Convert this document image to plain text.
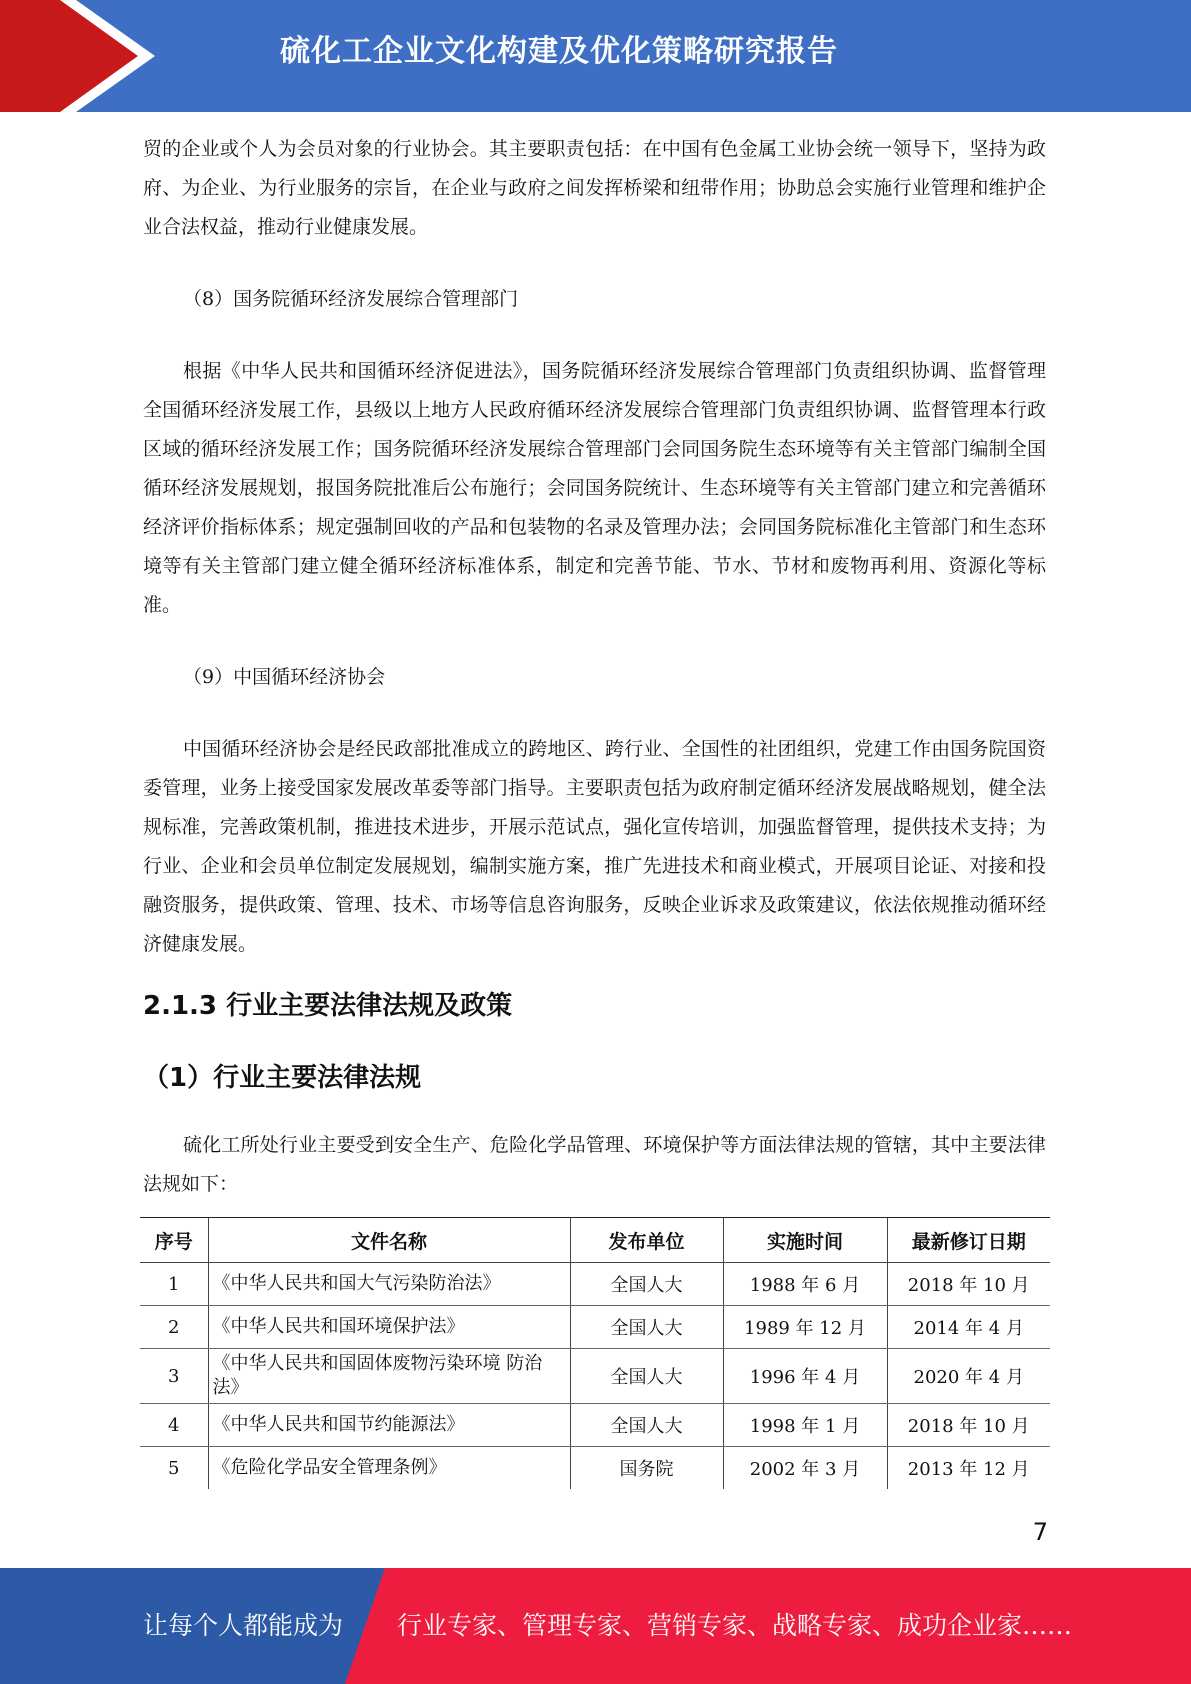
硫化工企业文化构建及优化策略研究报告

贸的企业或个人为会员对象的行业协会。其主要职责包括：在中国有色金属工业协会统一领导下，坚持为政府、为企业、为行业服务的宗旨，在企业与政府之间发挥桥梁和纽带作用；协助总会实施行业管理和维护企业合法权益，推动行业健康发展。

（8）国务院循环经济发展综合管理部门

根据《中华人民共和国循环经济促进法》，国务院循环经济发展综合管理部门负责组织协调、监督管理全国循环经济发展工作，县级以上地方人民政府循环经济发展综合管理部门负责组织协调、监督管理本行政区域的循环经济发展工作；国务院循环经济发展综合管理部门会同国务院生态环境等有关主管部门编制全国循环经济发展规划，报国务院批准后公布施行；会同国务院统计、生态环境等有关主管部门建立和完善循环经济评价指标体系；规定强制回收的产品和包装物的名录及管理办法；会同国务院标准化主管部门和生态环境等有关主管部门建立健全循环经济标准体系，制定和完善节能、节水、节材和废物再利用、资源化等标准。

（9）中国循环经济协会

中国循环经济协会是经民政部批准成立的跨地区、跨行业、全国性的社团组织，党建工作由国务院国资委管理，业务上接受国家发展改革委等部门指导。主要职责包括为政府制定循环经济发展战略规划，健全法规标准，完善政策机制，推进技术进步，开展示范试点，强化宣传培训，加强监督管理，提供技术支持；为行业、企业和会员单位制定发展规划，编制实施方案，推广先进技术和商业模式，开展项目论证、对接和投融资服务，提供政策、管理、技术、市场等信息咨询服务，反映企业诉求及政策建议，依法依规推动循环经济健康发展。

2.1.3 行业主要法律法规及政策
（1）行业主要法律法规

硫化工所处行业主要受到安全生产、危险化学品管理、环境保护等方面法律法规的管辖，其中主要法律法规如下：

序号	文件名称	发布单位	实施时间	最新修订日期
1	《中华人民共和国大气污染防治法》	全国人大	1988 年 6 月	2018 年 10 月
2	《中华人民共和国环境保护法》	全国人大	1989 年 12 月	2014 年 4 月
3	《中华人民共和国固体废物污染环境 防治法》	全国人大	1996 年 4 月	2020 年 4 月
4	《中华人民共和国节约能源法》	全国人大	1998 年 1 月	2018 年 10 月
5	《危险化学品安全管理条例》	国务院	2002 年 3 月	2013 年 12 月
7
让每个人都能成为 行业专家、管理专家、营销专家、战略专家、成功企业家……
